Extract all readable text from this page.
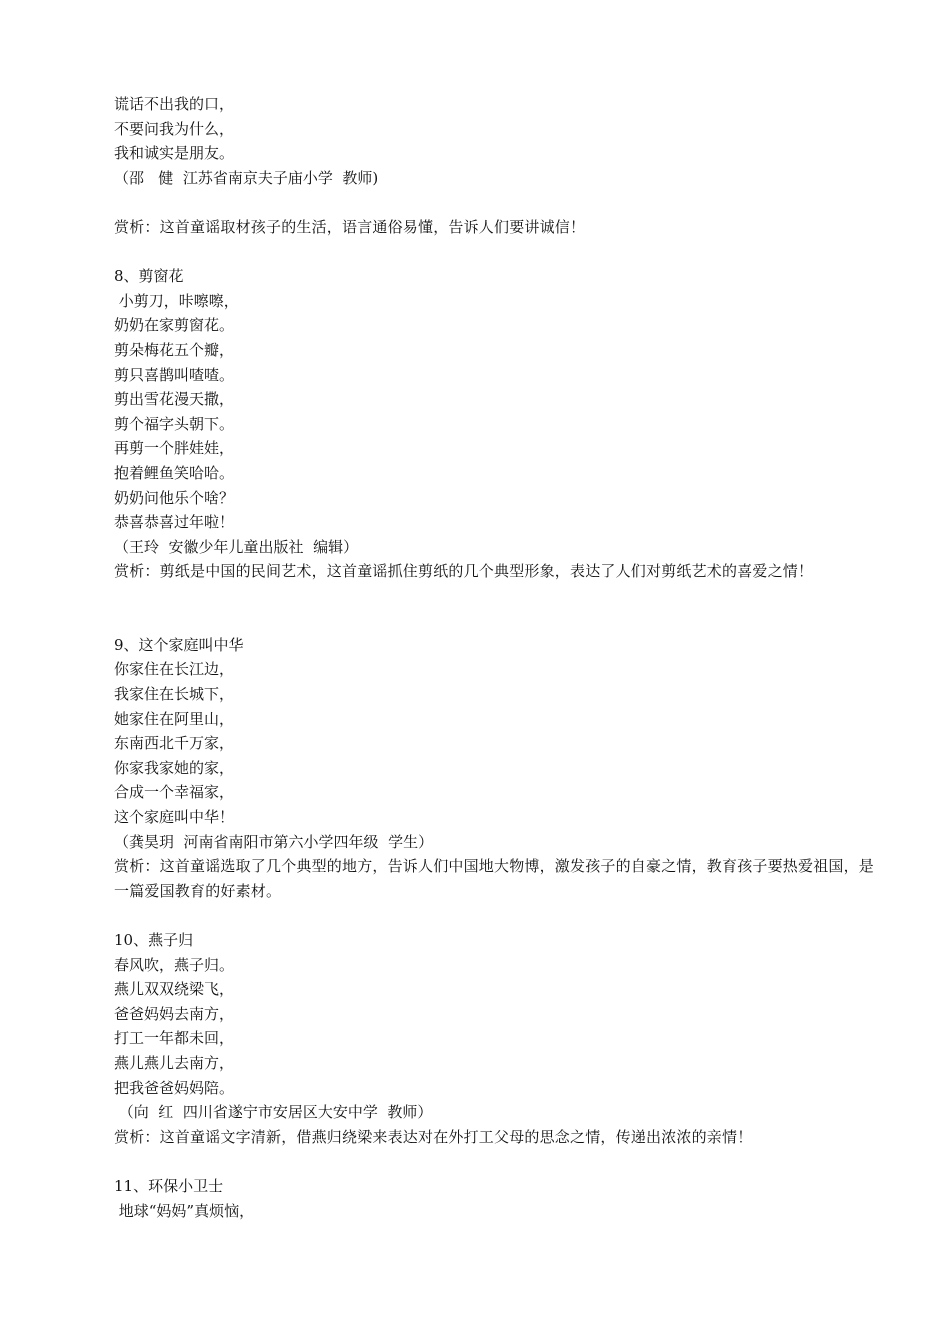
谎话不出我的口，
不要问我为什么，
我和诚实是朋友。
（邵   健  江苏省南京夫子庙小学  教师)
赏析：这首童谣取材孩子的生活，语言通俗易懂，告诉人们要讲诚信！
8、剪窗花
小剪刀，咔嚓嚓，
奶奶在家剪窗花。
剪朵梅花五个瓣，
剪只喜鹊叫喳喳。
剪出雪花漫天撒，
剪个福字头朝下。
再剪一个胖娃娃，
抱着鲤鱼笑哈哈。
奶奶问他乐个啥？
恭喜恭喜过年啦！
（王玲  安徽少年儿童出版社  编辑）
赏析：剪纸是中国的民间艺术，这首童谣抓住剪纸的几个典型形象，表达了人们对剪纸艺术的喜爱之情！
9、这个家庭叫中华
你家住在长江边，
我家住在长城下，
她家住在阿里山，
东南西北千万家，
你家我家她的家，
合成一个幸福家，
这个家庭叫中华！
（龚昊玥  河南省南阳市第六小学四年级  学生）
赏析：这首童谣选取了几个典型的地方，告诉人们中国地大物博，激发孩子的自豪之情，教育孩子要热爱祖国，是一篇爱国教育的好素材。
10、燕子归
春风吹，燕子归。
燕儿双双绕梁飞，
爸爸妈妈去南方，
打工一年都未回，
燕儿燕儿去南方，
把我爸爸妈妈陪。
（向  红  四川省遂宁市安居区大安中学  教师）
赏析：这首童谣文字清新，借燕归绕梁来表达对在外打工父母的思念之情，传递出浓浓的亲情！
11、环保小卫士
地球“妈妈”真烦恼，
